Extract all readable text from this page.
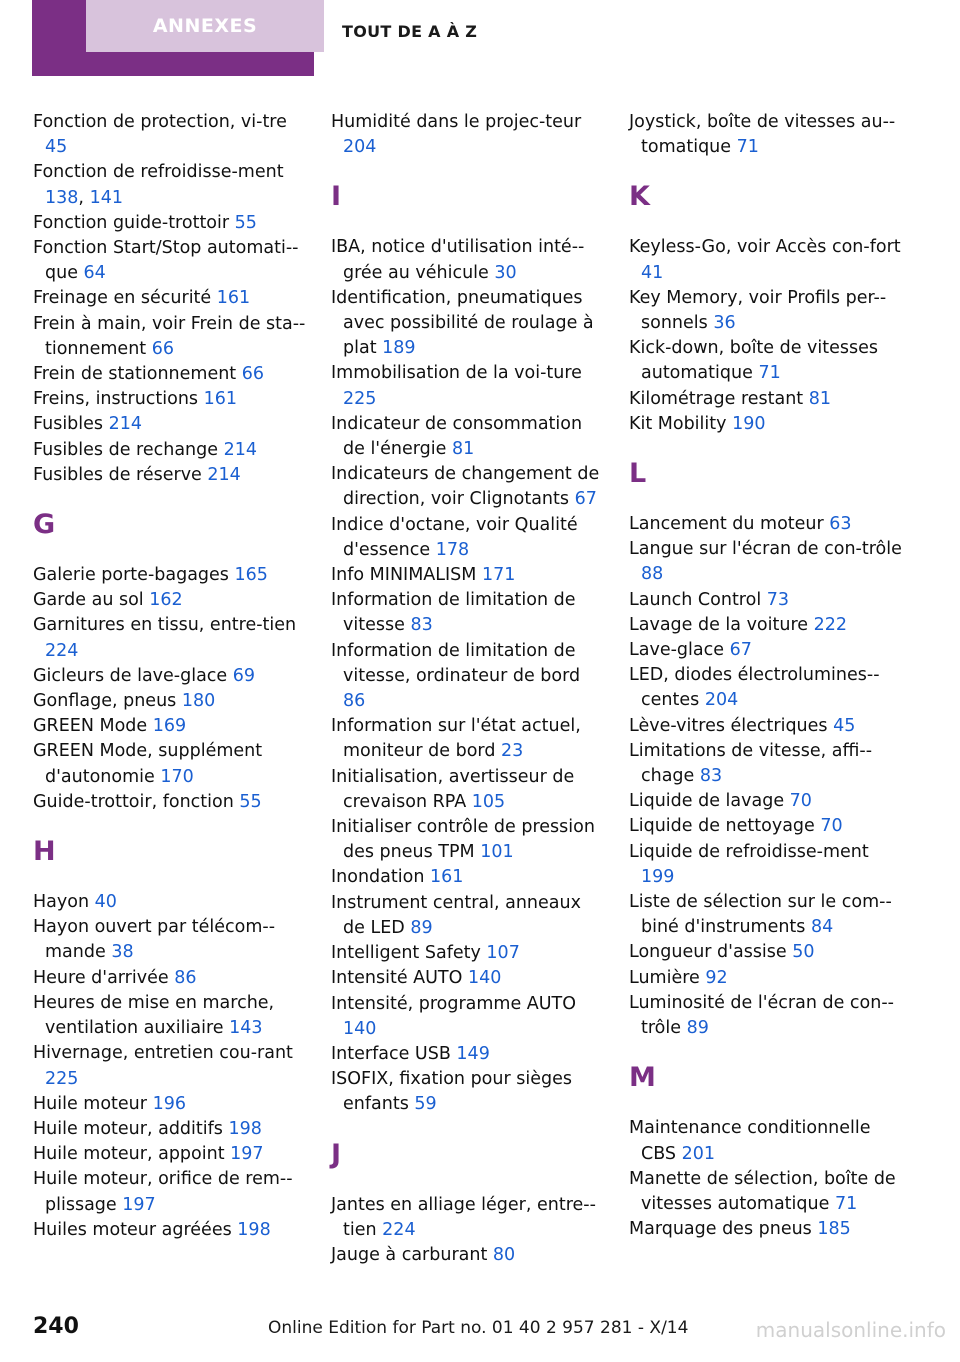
ANNEXES	TOUT DE A À Z
Fonction de protection, vi-tre 45
Fonction de refroidisse-ment 138, 141
Fonction guide-trottoir 55
Fonction Start/Stop automati-que 64
Freinage en sécurité 161
Frein à main, voir Frein de sta-tionnement 66
Frein de stationnement 66
Freins, instructions 161
Fusibles 214
Fusibles de rechange 214
Fusibles de réserve 214
G
Galerie porte-bagages 165
Garde au sol 162
Garnitures en tissu, entre-tien 224
Gicleurs de lave-glace 69
Gonflage, pneus 180
GREEN Mode 169
GREEN Mode, supplément d'autonomie 170
Guide-trottoir, fonction 55
H
Hayon 40
Hayon ouvert par télécom-mande 38
Heure d'arrivée 86
Heures de mise en marche, ventilation auxiliaire 143
Hivernage, entretien cou-rant 225
Huile moteur 196
Huile moteur, additifs 198
Huile moteur, appoint 197
Huile moteur, orifice de rem-plissage 197
Huiles moteur agréées 198
Humidité dans le projec-teur 204
I
IBA, notice d'utilisation inté-grée au véhicule 30
Identification, pneumatiques avec possibilité de roulage à plat 189
Immobilisation de la voi-ture 225
Indicateur de consommation de l'énergie 81
Indicateurs de changement de direction, voir Clignotants 67
Indice d'octane, voir Qualité d'essence 178
Info MINIMALISM 171
Information de limitation de vitesse 83
Information de limitation de vitesse, ordinateur de bord 86
Information sur l'état actuel, moniteur de bord 23
Initialisation, avertisseur de crevaison RPA 105
Initialiser contrôle de pression des pneus TPM 101
Inondation 161
Instrument central, anneaux de LED 89
Intelligent Safety 107
Intensité AUTO 140
Intensité, programme AUTO 140
Interface USB 149
ISOFIX, fixation pour sièges enfants 59
J
Jantes en alliage léger, entre-tien 224
Jauge à carburant 80
Joystick, boîte de vitesses au-tomatique 71
K
Keyless-Go, voir Accès con-fort 41
Key Memory, voir Profils per-sonnels 36
Kick-down, boîte de vitesses automatique 71
Kilométrage restant 81
Kit Mobility 190
L
Lancement du moteur 63
Langue sur l'écran de con-trôle 88
Launch Control 73
Lavage de la voiture 222
Lave-glace 67
LED, diodes électrolumines-centes 204
Lève-vitres électriques 45
Limitations de vitesse, affi-chage 83
Liquide de lavage 70
Liquide de nettoyage 70
Liquide de refroidisse-ment 199
Liste de sélection sur le com-biné d'instruments 84
Longueur d'assise 50
Lumière 92
Luminosité de l'écran de con-trôle 89
M
Maintenance conditionnelle CBS 201
Manette de sélection, boîte de vitesses automatique 71
Marquage des pneus 185
240	Online Edition for Part no. 01 40 2 957 281 - X/14	manualsonline.info
